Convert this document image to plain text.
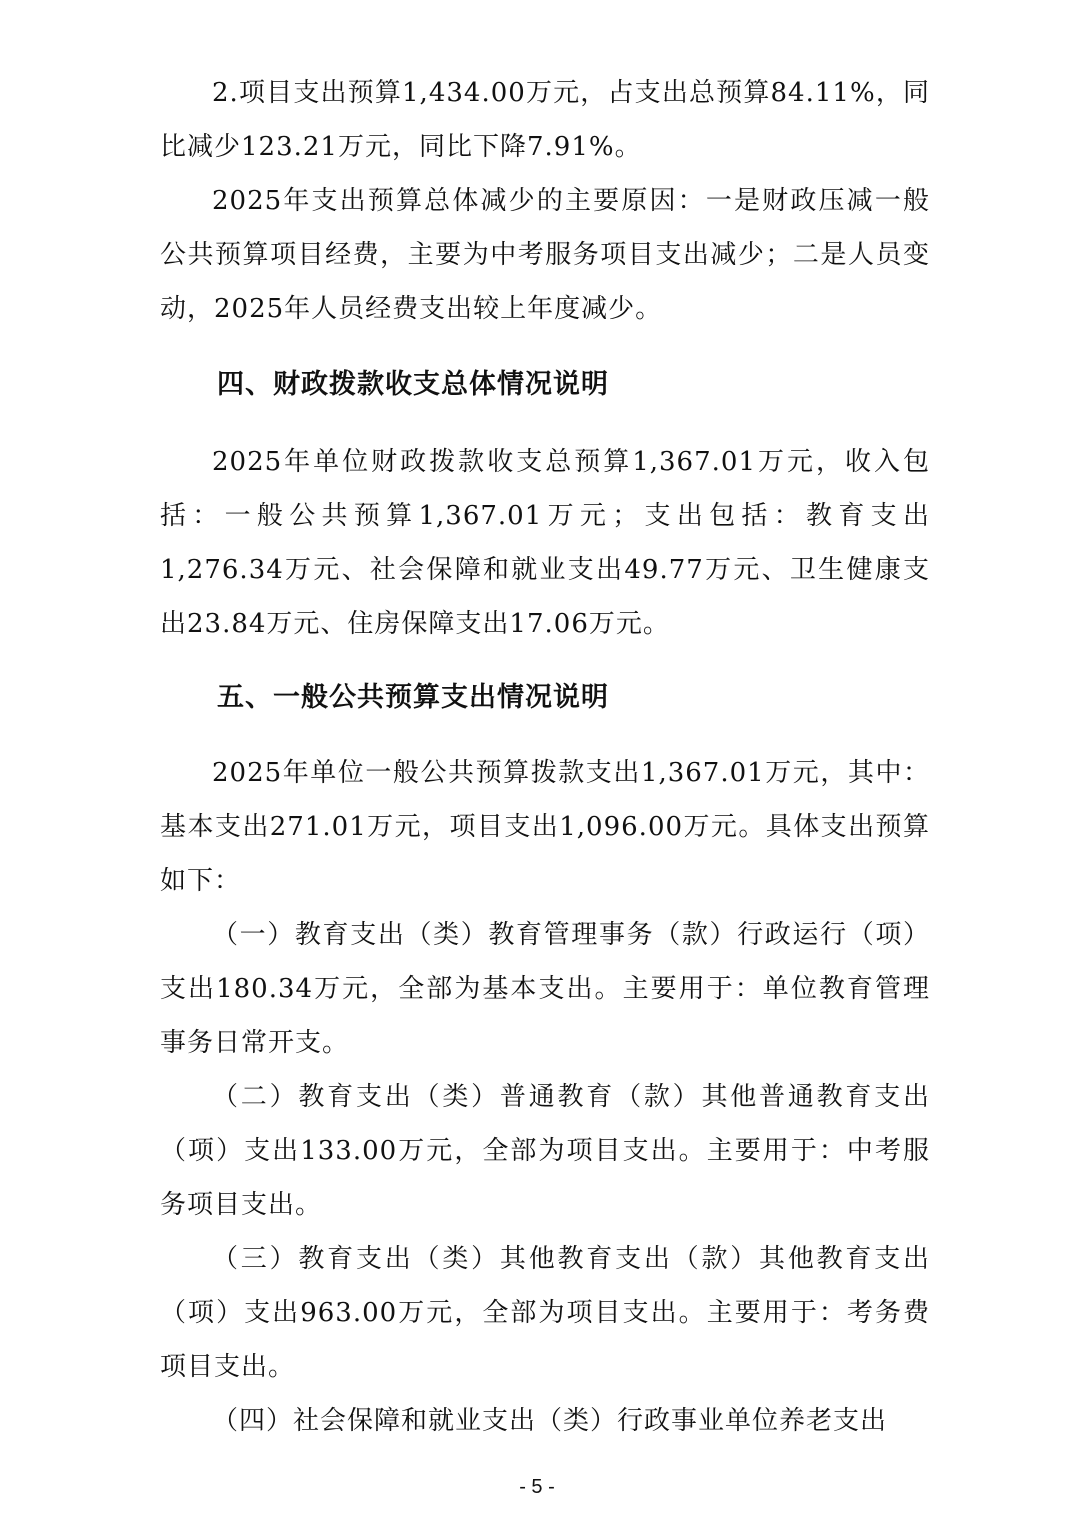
2.项目支出预算1,434.00万元，占支出总预算84.11%，同比减少123.21万元，同比下降7.91%。

2025年支出预算总体减少的主要原因：一是财政压减一般公共预算项目经费，主要为中考服务项目支出减少；二是人员变动，2025年人员经费支出较上年度减少。

四、财政拨款收支总体情况说明

2025年单位财政拨款收支总预算1,367.01万元，收入包括：一般公共预算1,367.01万元；支出包括：教育支出1,276.34万元、社会保障和就业支出49.77万元、卫生健康支出23.84万元、住房保障支出17.06万元。

五、一般公共预算支出情况说明

2025年单位一般公共预算拨款支出1,367.01万元，其中：基本支出271.01万元，项目支出1,096.00万元。具体支出预算如下：

（一）教育支出（类）教育管理事务（款）行政运行（项）支出180.34万元，全部为基本支出。主要用于：单位教育管理事务日常开支。

（二）教育支出（类）普通教育（款）其他普通教育支出（项）支出133.00万元，全部为项目支出。主要用于：中考服务项目支出。

（三）教育支出（类）其他教育支出（款）其他教育支出（项）支出963.00万元，全部为项目支出。主要用于：考务费项目支出。

（四）社会保障和就业支出（类）行政事业单位养老支出

- 5 -
